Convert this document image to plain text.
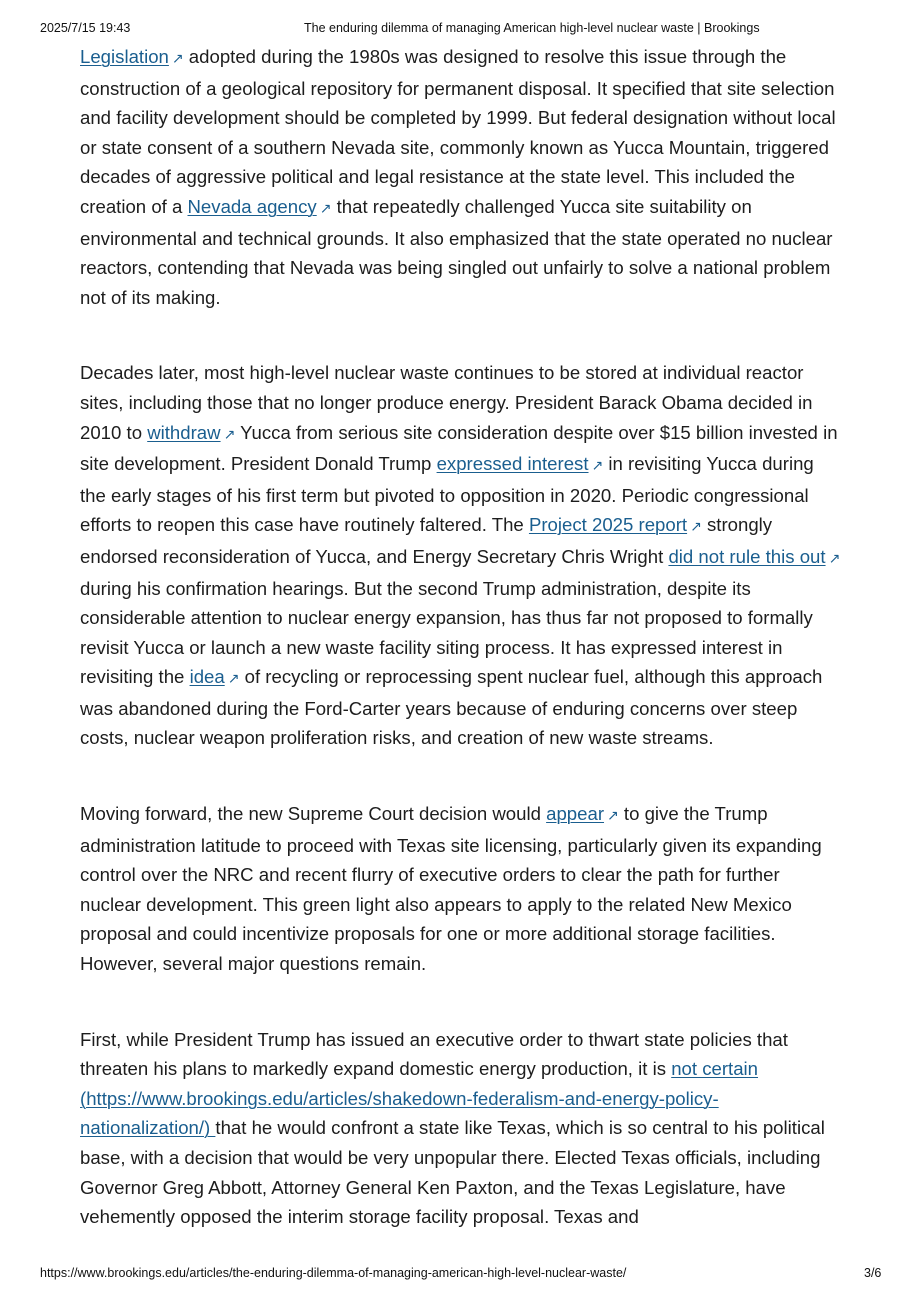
2025/7/15 19:43	The enduring dilemma of managing American high-level nuclear waste | Brookings

Legislation ↗ adopted during the 1980s was designed to resolve this issue through the construction of a geological repository for permanent disposal. It specified that site selection and facility development should be completed by 1999. But federal designation without local or state consent of a southern Nevada site, commonly known as Yucca Mountain, triggered decades of aggressive political and legal resistance at the state level. This included the creation of a Nevada agency ↗ that repeatedly challenged Yucca site suitability on environmental and technical grounds. It also emphasized that the state operated no nuclear reactors, contending that Nevada was being singled out unfairly to solve a national problem not of its making.

Decades later, most high-level nuclear waste continues to be stored at individual reactor sites, including those that no longer produce energy. President Barack Obama decided in 2010 to withdraw ↗ Yucca from serious site consideration despite over $15 billion invested in site development. President Donald Trump expressed interest ↗ in revisiting Yucca during the early stages of his first term but pivoted to opposition in 2020. Periodic congressional efforts to reopen this case have routinely faltered. The Project 2025 report ↗ strongly endorsed reconsideration of Yucca, and Energy Secretary Chris Wright did not rule this out ↗ during his confirmation hearings. But the second Trump administration, despite its considerable attention to nuclear energy expansion, has thus far not proposed to formally revisit Yucca or launch a new waste facility siting process. It has expressed interest in revisiting the idea ↗ of recycling or reprocessing spent nuclear fuel, although this approach was abandoned during the Ford-Carter years because of enduring concerns over steep costs, nuclear weapon proliferation risks, and creation of new waste streams.

Moving forward, the new Supreme Court decision would appear ↗ to give the Trump administration latitude to proceed with Texas site licensing, particularly given its expanding control over the NRC and recent flurry of executive orders to clear the path for further nuclear development. This green light also appears to apply to the related New Mexico proposal and could incentivize proposals for one or more additional storage facilities. However, several major questions remain.

First, while President Trump has issued an executive order to thwart state policies that threaten his plans to markedly expand domestic energy production, it is not certain (https://www.brookings.edu/articles/shakedown-federalism-and-energy-policy-nationalization/) that he would confront a state like Texas, which is so central to his political base, with a decision that would be very unpopular there. Elected Texas officials, including Governor Greg Abbott, Attorney General Ken Paxton, and the Texas Legislature, have vehemently opposed the interim storage facility proposal. Texas and

https://www.brookings.edu/articles/the-enduring-dilemma-of-managing-american-high-level-nuclear-waste/	3/6
